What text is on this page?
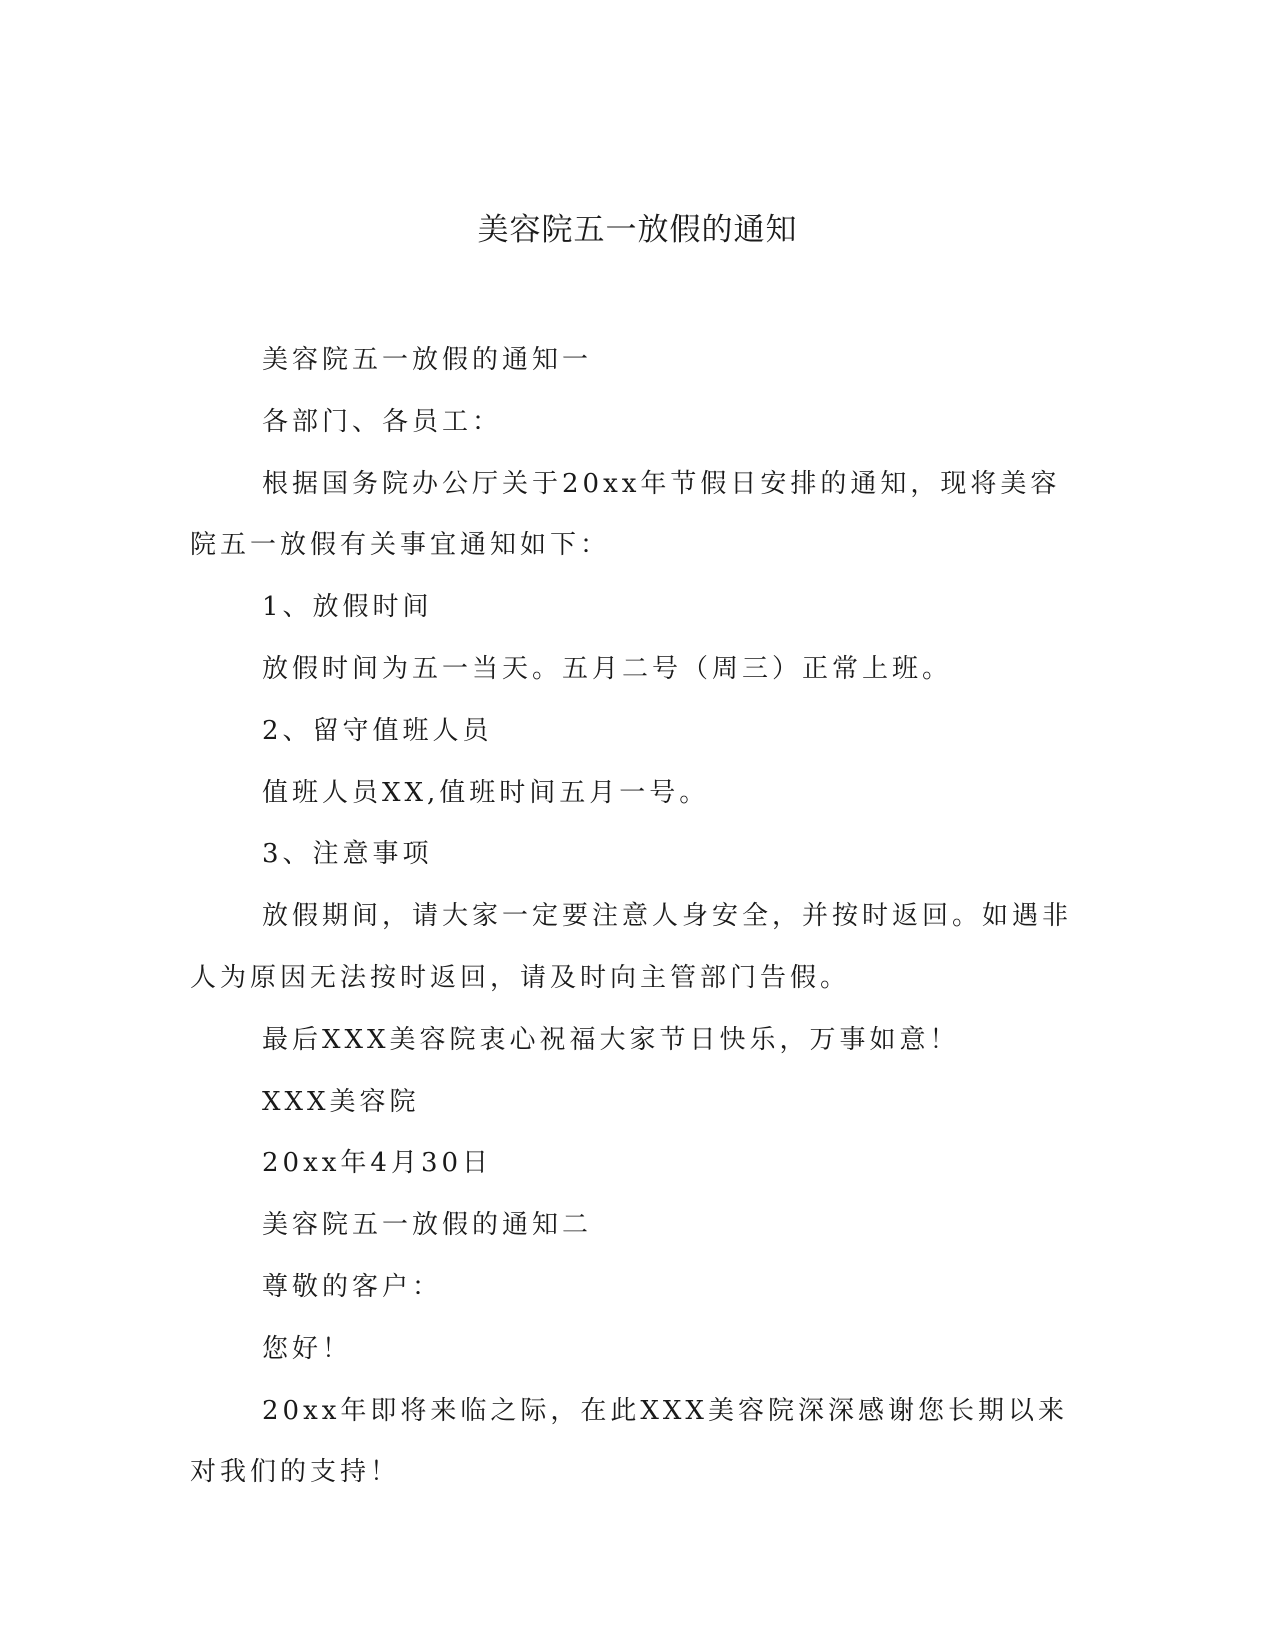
美容院五一放假的通知

美容院五一放假的通知一

各部门、各员工：

根据国务院办公厅关于20xx年节假日安排的通知，现将美容院五一放假有关事宜通知如下：

1、放假时间

放假时间为五一当天。五月二号（周三）正常上班。

2、留守值班人员

值班人员XX,值班时间五月一号。

3、注意事项

放假期间，请大家一定要注意人身安全，并按时返回。如遇非人为原因无法按时返回，请及时向主管部门告假。

最后XXX美容院衷心祝福大家节日快乐，万事如意！

XXX美容院

20xx年4月30日

美容院五一放假的通知二

尊敬的客户：

您好！

20xx年即将来临之际，在此XXX美容院深深感谢您长期以来对我们的支持！
